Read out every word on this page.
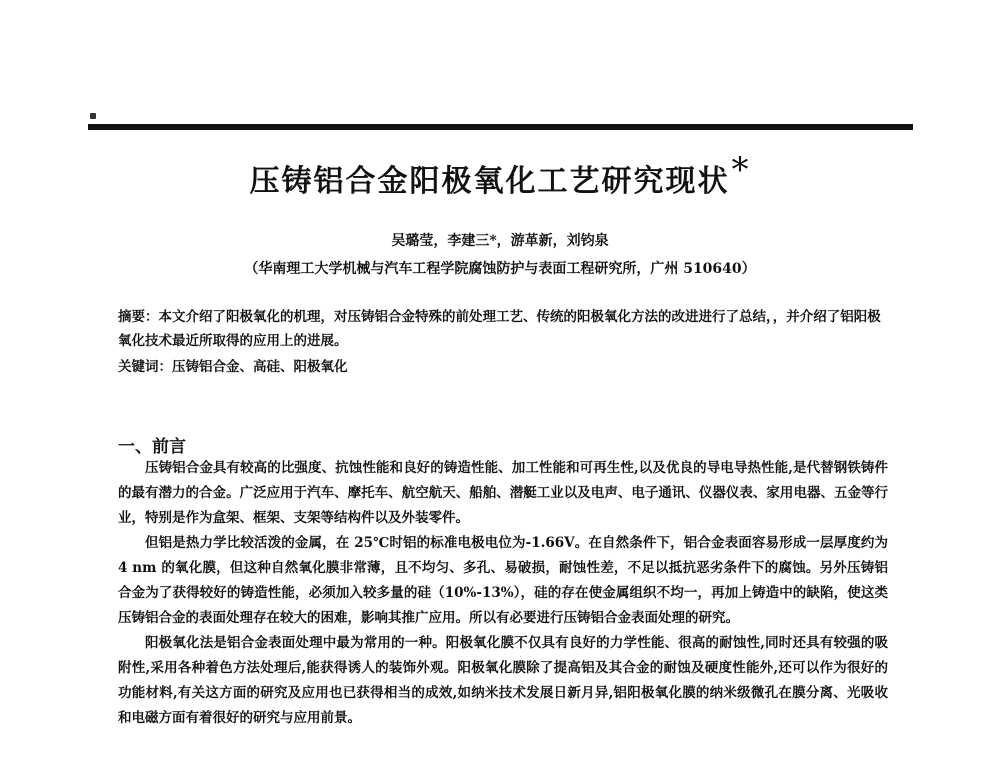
压铸铝合金阳极氧化工艺研究现状*
吴璐莹，李建三*，游革新，刘钧泉
（华南理工大学机械与汽车工程学院腐蚀防护与表面工程研究所，广州 510640）
摘要：本文介绍了阳极氧化的机理，对压铸铝合金特殊的前处理工艺、传统的阳极氧化方法的改进进行了总结，，并介绍了铝阳极氧化技术最近所取得的应用上的进展。
关键词：压铸铝合金、高硅、阳极氧化
一、前言

压铸铝合金具有较高的比强度、抗蚀性能和良好的铸造性能、加工性能和可再生性,以及优良的导电导热性能,是代替钢铁铸件的最有潜力的合金。广泛应用于汽车、摩托车、航空航天、船舶、潜艇工业以及电声、电子通讯、仪器仪表、家用电器、五金等行业，特别是作为盒架、框架、支架等结构件以及外装零件。

但铝是热力学比较活泼的金属，在 25℃时铝的标准电极电位为-1.66V。在自然条件下，铝合金表面容易形成一层厚度约为 4 nm 的氧化膜，但这种自然氧化膜非常薄，且不均匀、多孔、易破损，耐蚀性差，不足以抵抗恶劣条件下的腐蚀。另外压铸铝合金为了获得较好的铸造性能，必须加入较多量的硅（10%-13%），硅的存在使金属组织不均一，再加上铸造中的缺陷，使这类压铸铝合金的表面处理存在较大的困难，影响其推广应用。所以有必要进行压铸铝合金表面处理的研究。

阳极氧化法是铝合金表面处理中最为常用的一种。阳极氧化膜不仅具有良好的力学性能、很高的耐蚀性,同时还具有较强的吸附性,采用各种着色方法处理后,能获得诱人的装饰外观。阳极氧化膜除了提高铝及其合金的耐蚀及硬度性能外,还可以作为很好的功能材料,有关这方面的研究及应用也已获得相当的成效,如纳米技术发展日新月异,铝阳极氧化膜的纳米级微孔在膜分离、光吸收和电磁方面有着很好的研究与应用前景。
